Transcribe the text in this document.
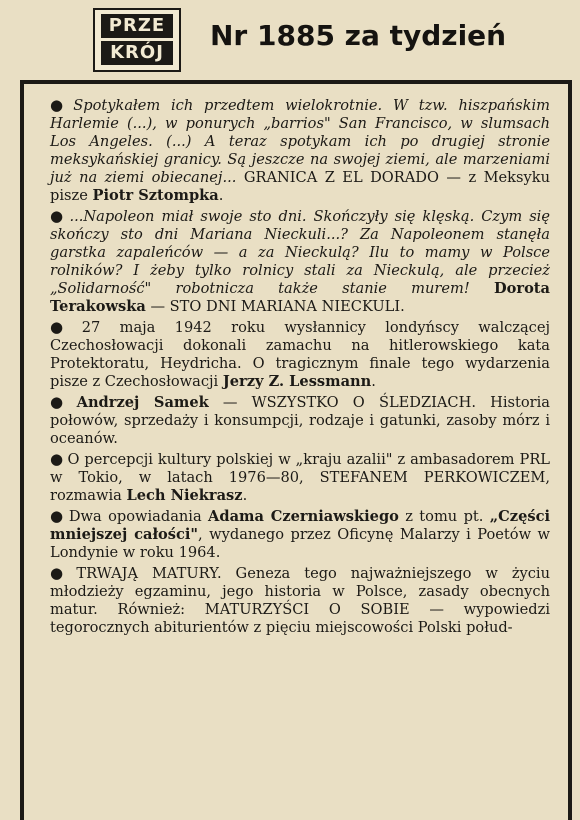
PRZE
KRÓJ
Nr 1885 za tydzień

● Spotykałem ich przedtem wielokrotnie. W tzw. hiszpańskim Harlemie (...), w ponurych „barrios" San Francisco, w slumsach Los Angeles. (...) A teraz spotykam ich po drugiej stronie meksykańskiej granicy. Są jeszcze na swojej ziemi, ale marzeniami już na ziemi obiecanej... GRANICA Z EL DORADO — z Meksyku pisze Piotr Sztompka.

● ...Napoleon miał swoje sto dni. Skończyły się klęską. Czym się skończy sto dni Mariana Nieckuli...? Za Napoleonem stanęła garstka zapaleńców — a za Nieckulą? Ilu to mamy w Polsce rolników? I żeby tylko rolnicy stali za Nieckulą, ale przecież „Solidarność" robotnicza także stanie murem! Dorota Terakowska — STO DNI MARIANA NIECKULI.

● 27 maja 1942 roku wysłannicy londyńscy walczącej Czechosłowacji dokonali zamachu na hitlerowskiego kata Protektoratu, Heydricha. O tragicznym finale tego wydarzenia pisze z Czechosłowacji Jerzy Z. Lessmann.

● Andrzej Samek — WSZYSTKO O ŚLEDZIACH. Historia połowów, sprzedaży i konsumpcji, rodzaje i gatunki, zasoby mórz i oceanów.

● O percepcji kultury polskiej w „kraju azalii" z ambasadorem PRL w Tokio, w latach 1976—80, STEFANEM PERKOWICZEM, rozmawia Lech Niekrasz.

● Dwa opowiadania Adama Czerniawskiego z tomu pt. „Części mniejszej całości", wydanego przez Oficynę Malarzy i Poetów w Londynie w roku 1964.

● TRWAJĄ MATURY. Geneza tego najważniejszego w życiu młodzieży egzaminu, jego historia w Polsce, zasady obecnych matur. Również: MATURZYŚCI O SOBIE — wypowiedzi tegorocznych abiturientów z pięciu miejscowości Polski połud-
